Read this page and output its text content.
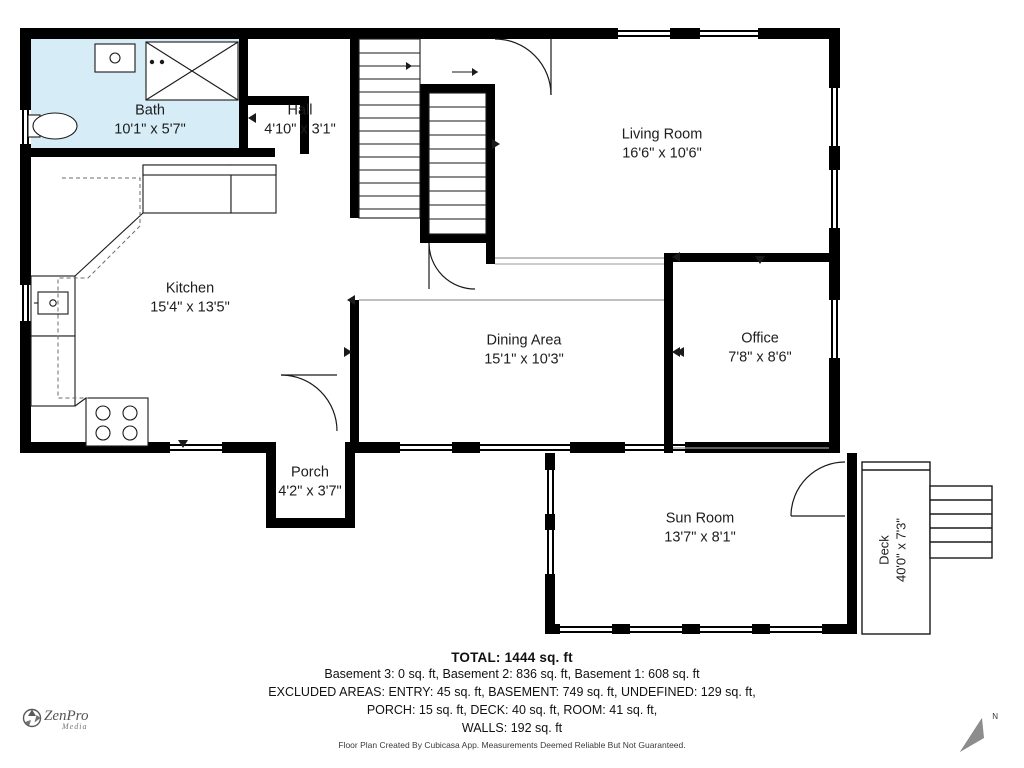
Bath
10'1" x 5'7"
Hall
4'10" x 3'1"	Living Room
16'6" x 10'6"
Kitchen
15'4" x 13'5"
Dining Area
15'1" x 10'3"
Office
7'8" x 8'6"
Porch
4'2" x 3'7"
Sun Room
13'7" x 8'1"	Deck 40'0" x 7'3"
TOTAL: 1444 sq. ft
Basement 3: 0 sq. ft, Basement 2: 836 sq. ft, Basement 1: 608 sq. ft
EXCLUDED AREAS: ENTRY: 45 sq. ft, BASEMENT: 749 sq. ft, UNDEFINED: 129 sq. ft,
PORCH: 15 sq. ft, DECK: 40 sq. ft, ROOM: 41 sq. ft,
WALLS: 192 sq. ft
Floor Plan Created By Cubicasa App. Measurements Deemed Reliable But Not Guaranteed.
ZenPro
Media
N
